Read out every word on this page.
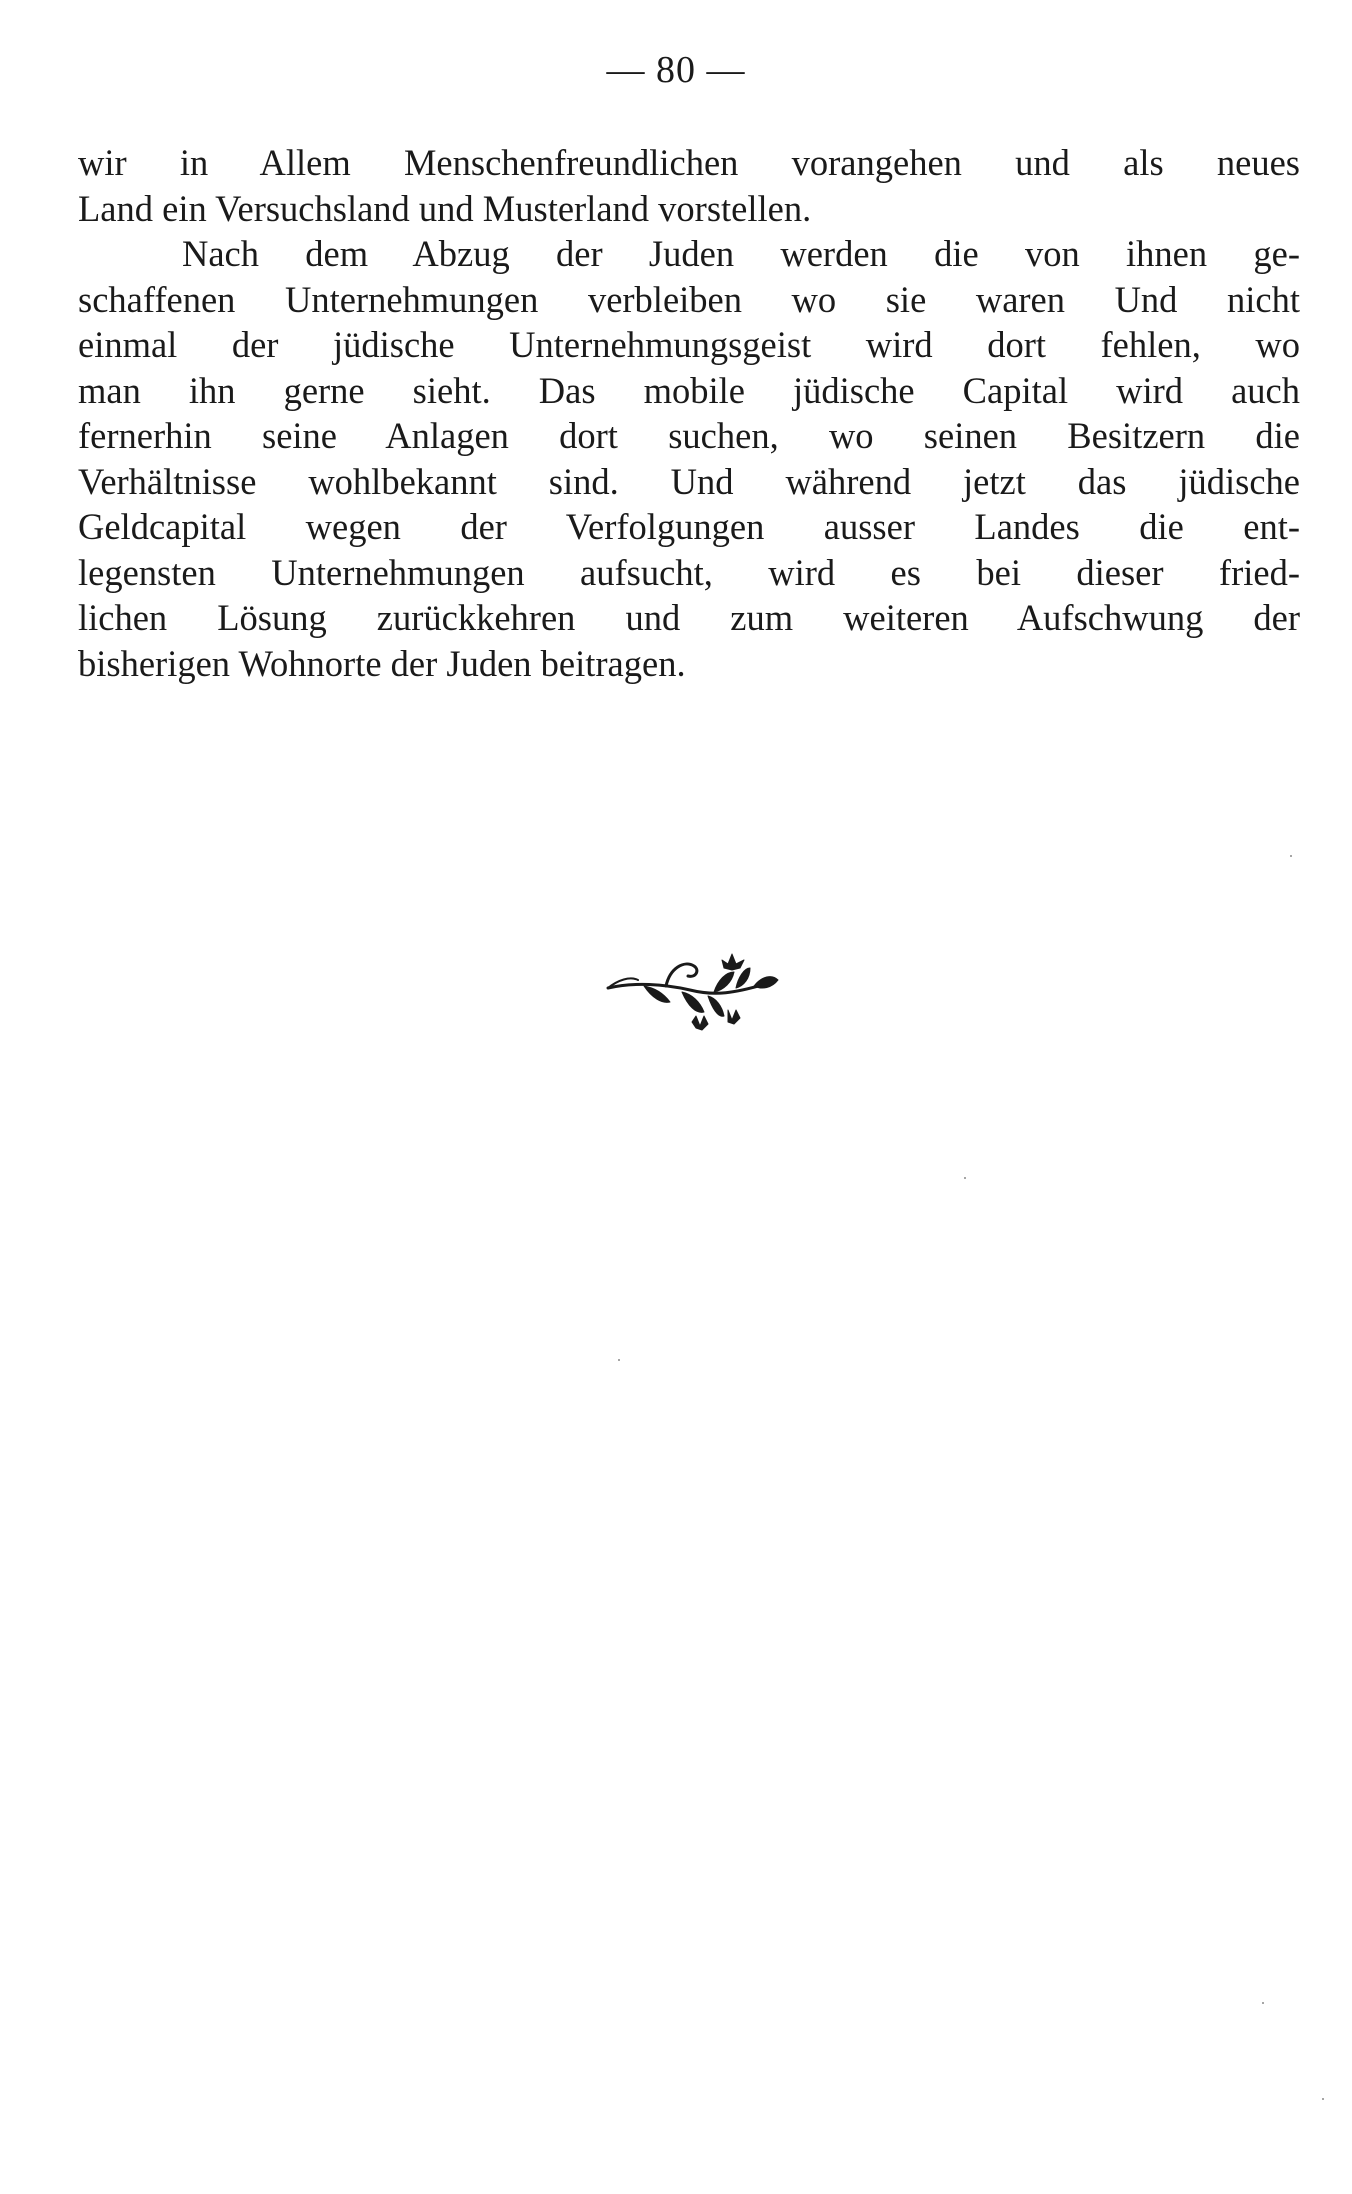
— 80 —
wir in Allem Menschenfreundlichen vorangehen und als neues
Land ein Versuchsland und Musterland vorstellen.
Nach dem Abzug der Juden werden die von ihnen ge-
schaffenen Unternehmungen verbleiben wo sie waren Und nicht
einmal der jüdische Unternehmungsgeist wird dort fehlen, wo
man ihn gerne sieht. Das mobile jüdische Capital wird auch
fernerhin seine Anlagen dort suchen, wo seinen Besitzern die
Verhältnisse wohlbekannt sind. Und während jetzt das jüdische
Geldcapital wegen der Verfolgungen ausser Landes die ent-
legensten Unternehmungen aufsucht, wird es bei dieser fried-
lichen Lösung zurückkehren und zum weiteren Aufschwung der
bisherigen Wohnorte der Juden beitragen.
